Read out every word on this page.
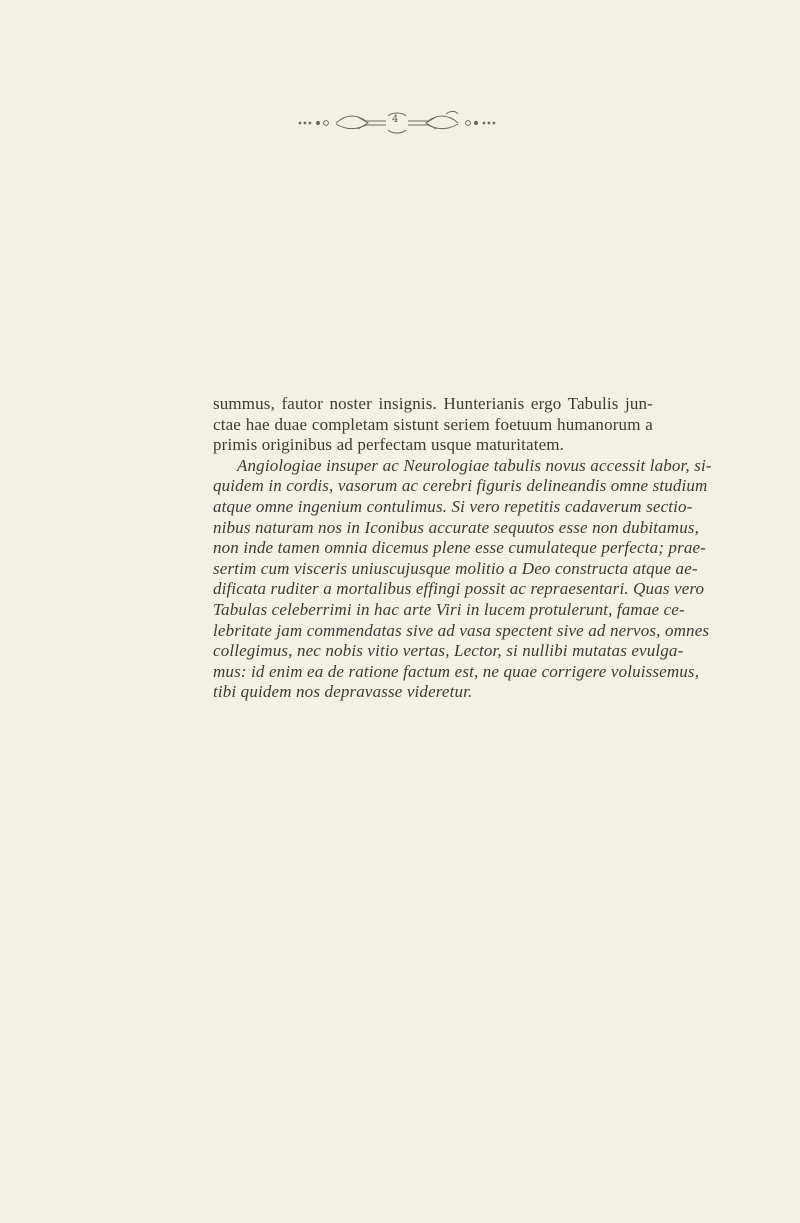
4
summus, fautor noster insignis. Hunterianis ergo Tabulis jun-
ctae hae duae completam sistunt seriem foetuum humanorum a
primis originibus ad perfectam usque maturitatem.
Angiologiae insuper ac Neurologiae tabulis novus accessit labor, si-
quidem in cordis, vasorum ac cerebri figuris delineandis omne studium
atque omne ingenium contulimus. Si vero repetitis cadaverum sectio-
nibus naturam nos in Iconibus accurate sequutos esse non dubitamus,
non inde tamen omnia dicemus plene esse cumulateque perfecta; prae-
sertim cum visceris uniuscujusque molitio a Deo constructa atque ae-
dificata ruditer a mortalibus effingi possit ac repraesentari. Quas vero
Tabulas celeberrimi in hac arte Viri in lucem protulerunt, famae ce-
lebritate jam commendatas sive ad vasa spectent sive ad nervos, omnes
collegimus, nec nobis vitio vertas, Lector, si nullibi mutatas evulga-
mus: id enim ea de ratione factum est, ne quae corrigere voluissemus,
tibi quidem nos depravasse videretur.
